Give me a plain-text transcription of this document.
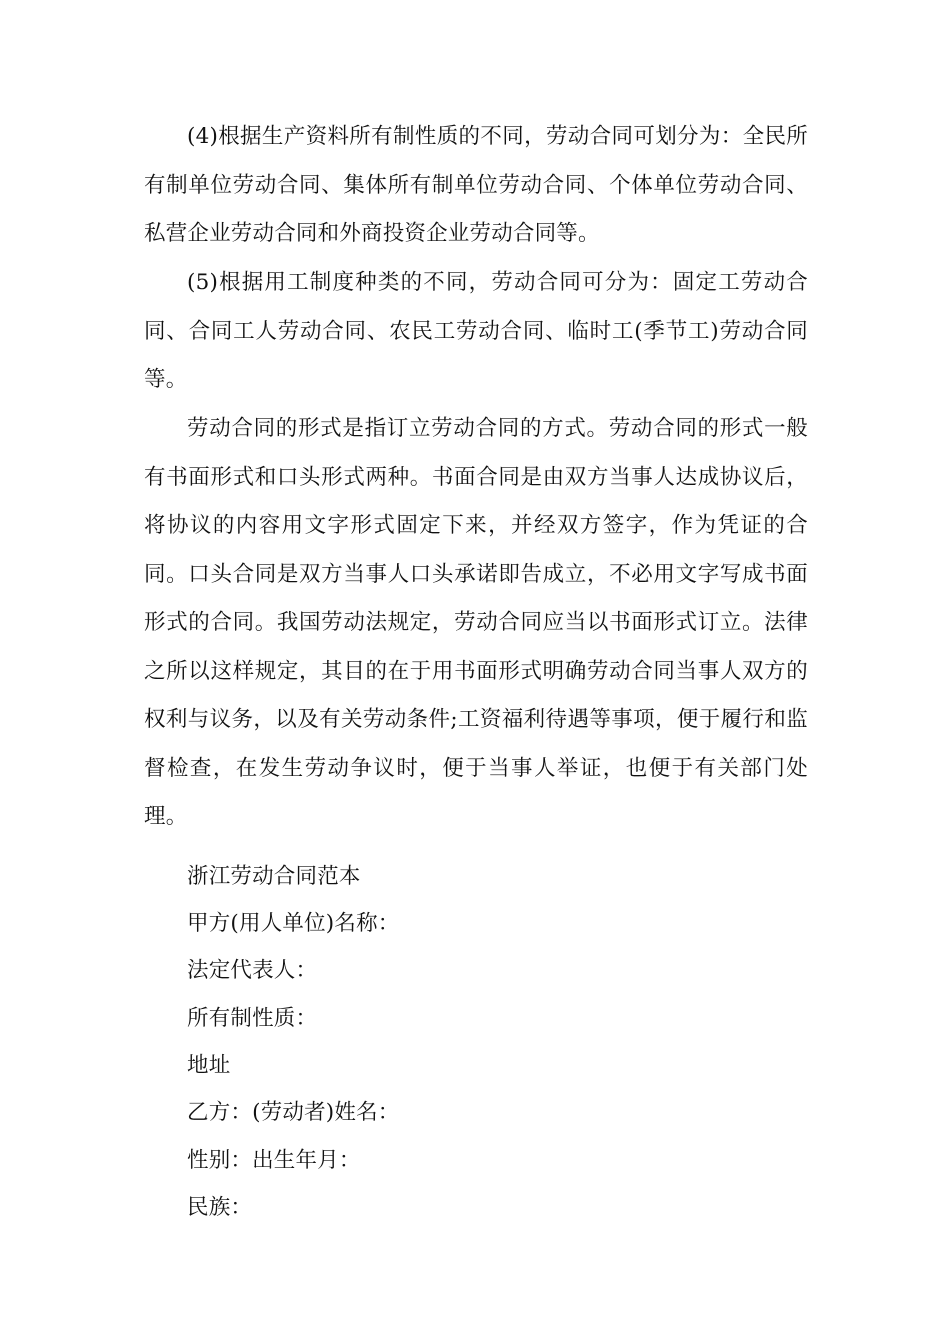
(4)根据生产资料所有制性质的不同，劳动合同可划分为：全民所有制单位劳动合同、集体所有制单位劳动合同、个体单位劳动合同、私营企业劳动合同和外商投资企业劳动合同等。

(5)根据用工制度种类的不同，劳动合同可分为：固定工劳动合同、合同工人劳动合同、农民工劳动合同、临时工(季节工)劳动合同等。

劳动合同的形式是指订立劳动合同的方式。劳动合同的形式一般有书面形式和口头形式两种。书面合同是由双方当事人达成协议后，将协议的内容用文字形式固定下来，并经双方签字，作为凭证的合同。口头合同是双方当事人口头承诺即告成立，不必用文字写成书面形式的合同。我国劳动法规定，劳动合同应当以书面形式订立。法律之所以这样规定，其目的在于用书面形式明确劳动合同当事人双方的权利与议务，以及有关劳动条件;工资福利待遇等事项，便于履行和监督检查，在发生劳动争议时，便于当事人举证，也便于有关部门处理。

浙江劳动合同范本
甲方(用人单位)名称：
法定代表人：
所有制性质：
地址
乙方：(劳动者)姓名：
性别：出生年月：
民族：
